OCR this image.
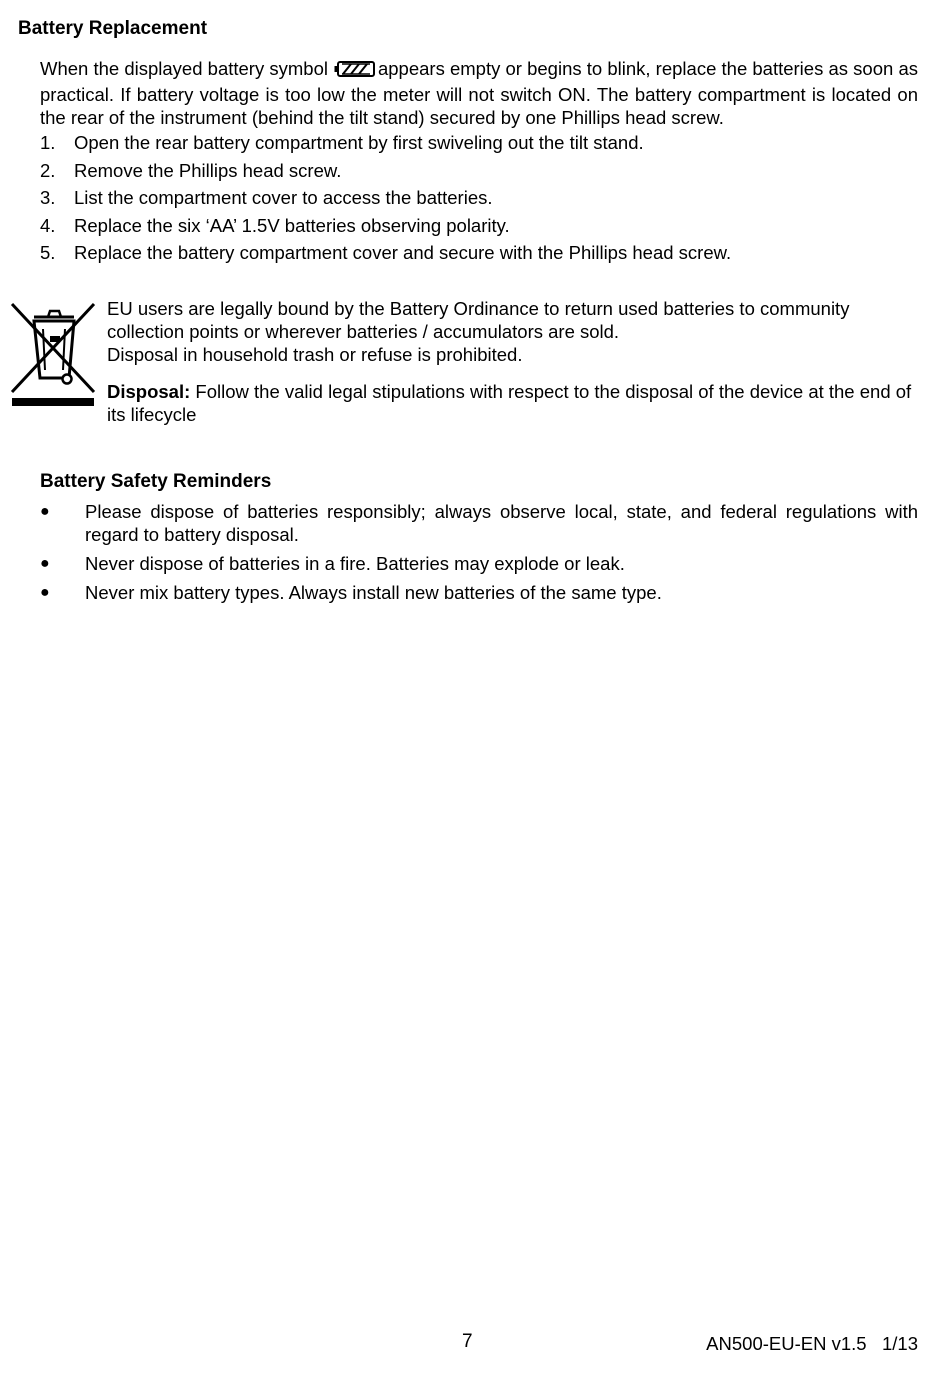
Battery Replacement
When the displayed battery symbol	appears empty or begins to blink, replace the batteries as soon as practical. If battery voltage is too low the meter will not switch ON. The battery compartment is located on the rear of the instrument (behind the tilt stand) secured by one Phillips head screw.
1. Open the rear battery compartment by first swiveling out the tilt stand.
2. Remove the Phillips head screw.
3. List the compartment cover to access the batteries.
4. Replace the six ‘AA’ 1.5V batteries observing polarity.
5. Replace the battery compartment cover and secure with the Phillips head screw.
EU users are legally bound by the Battery Ordinance to return used batteries to community collection points or wherever batteries / accumulators are sold.
Disposal in household trash or refuse is prohibited.
Disposal: Follow the valid legal stipulations with respect to the disposal of the device at the end of its lifecycle
Battery Safety Reminders
● Please dispose of batteries responsibly; always observe local, state, and federal regulations with regard to battery disposal.
● Never dispose of batteries in a fire. Batteries may explode or leak.
● Never mix battery types. Always install new batteries of the same type.
7	AN500-EU-EN v1.5   1/13
